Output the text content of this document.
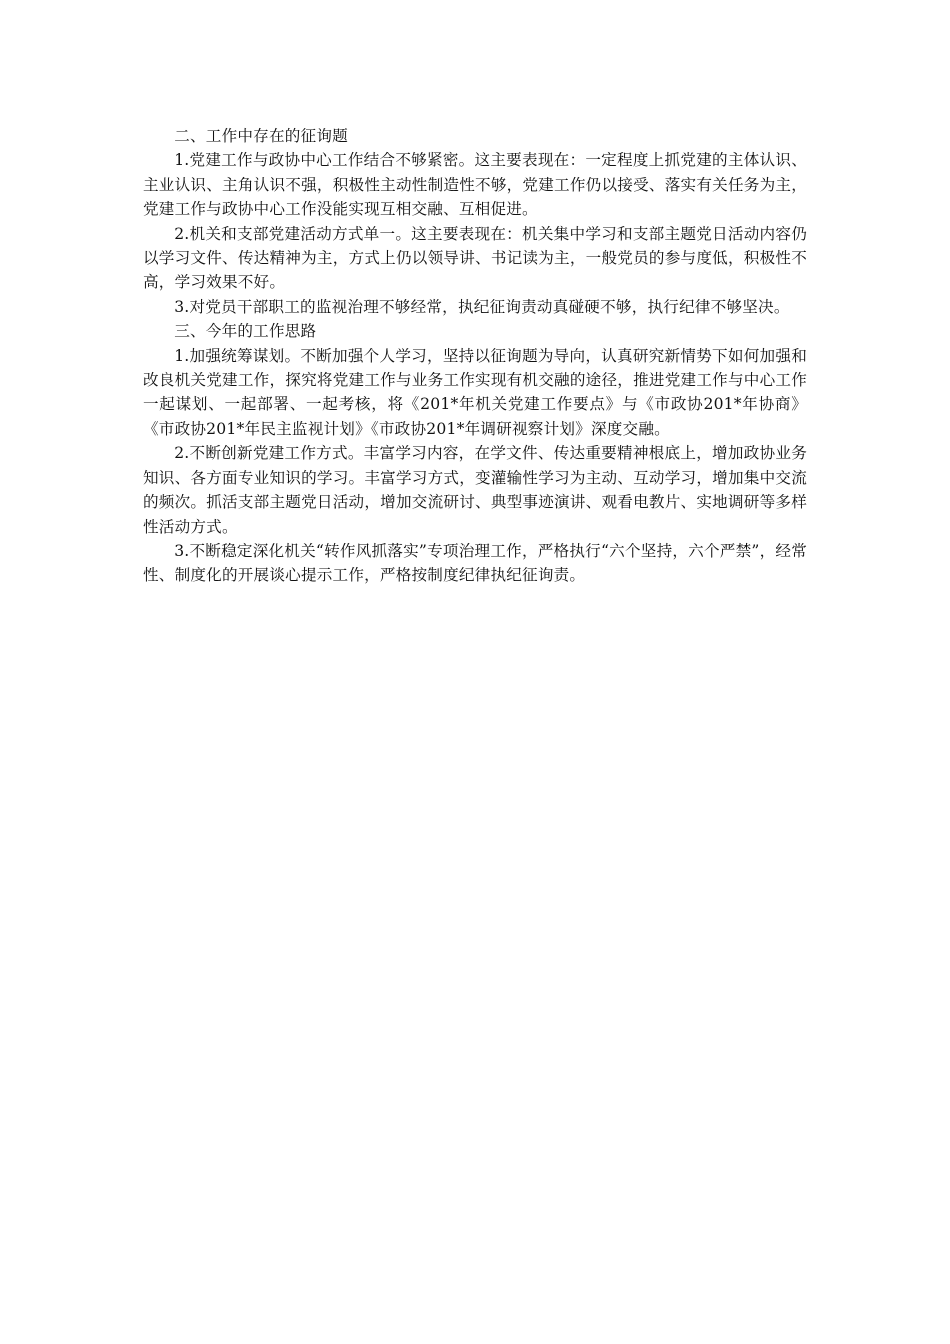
二、工作中存在的征询题

1.党建工作与政协中心工作结合不够紧密。这主要表现在：一定程度上抓党建的主体认识、主业认识、主角认识不强，积极性主动性制造性不够，党建工作仍以接受、落实有关任务为主，党建工作与政协中心工作没能实现互相交融、互相促进。

2.机关和支部党建活动方式单一。这主要表现在：机关集中学习和支部主题党日活动内容仍以学习文件、传达精神为主，方式上仍以领导讲、书记读为主，一般党员的参与度低，积极性不高，学习效果不好。

3.对党员干部职工的监视治理不够经常，执纪征询责动真碰硬不够，执行纪律不够坚决。

三、今年的工作思路

1.加强统筹谋划。不断加强个人学习，坚持以征询题为导向，认真研究新情势下如何加强和改良机关党建工作，探究将党建工作与业务工作实现有机交融的途径，推进党建工作与中心工作一起谋划、一起部署、一起考核，将《201*年机关党建工作要点》与《市政协201*年协商》《市政协201*年民主监视计划》《市政协201*年调研视察计划》深度交融。

2.不断创新党建工作方式。丰富学习内容，在学文件、传达重要精神根底上，增加政协业务知识、各方面专业知识的学习。丰富学习方式，变灌输性学习为主动、互动学习，增加集中交流的频次。抓活支部主题党日活动，增加交流研讨、典型事迹演讲、观看电教片、实地调研等多样性活动方式。

3.不断稳定深化机关“转作风抓落实”专项治理工作，严格执行“六个坚持，六个严禁”，经常性、制度化的开展谈心提示工作，严格按制度纪律执纪征询责。
